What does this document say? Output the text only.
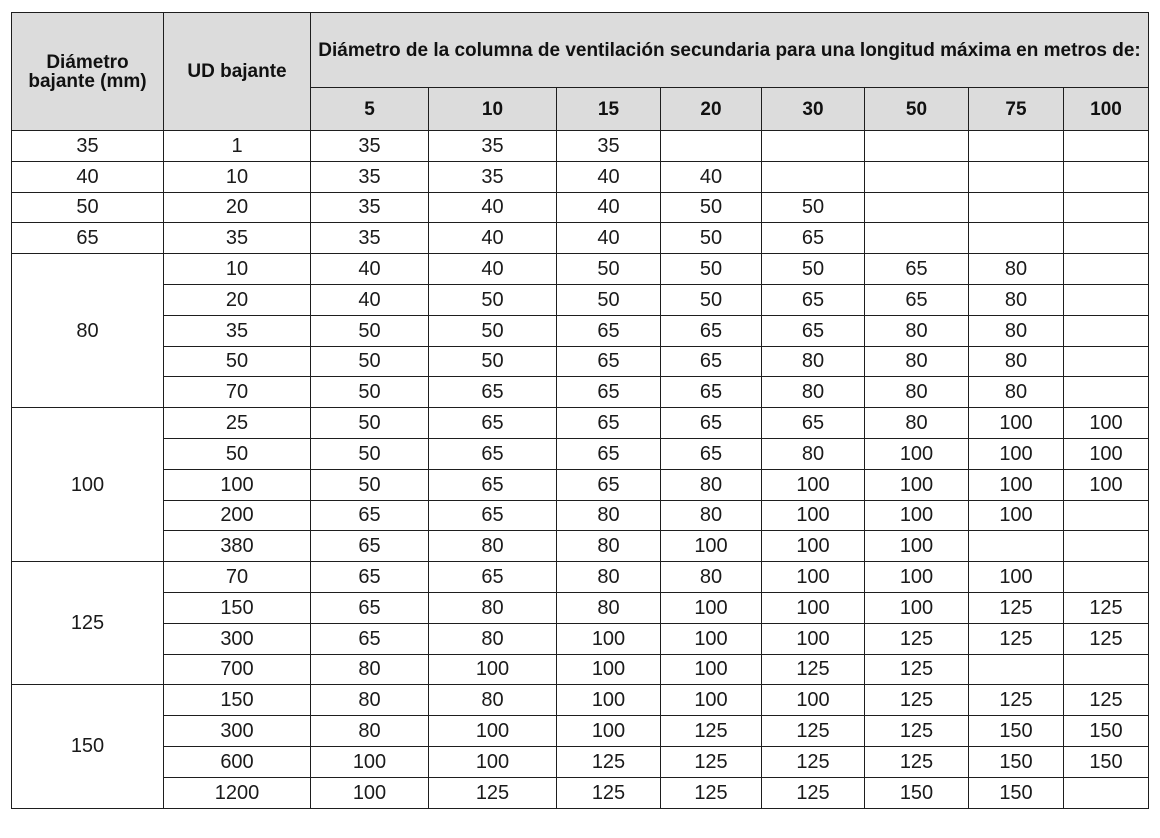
Diámetro bajante (mm)	UD bajante	Diámetro de la columna de ventilación secundaria para una longitud máxima en metros de:							
		5	10	15	20	30	50	75	100
35	1	35	35	35					
40	10	35	35	40	40				
50	20	35	40	40	50	50			
65	35	35	40	40	50	65			
80	10	40	40	50	50	50	65	80	
	20	40	50	50	50	65	65	80	
	35	50	50	65	65	65	80	80	
	50	50	50	65	65	80	80	80	
	70	50	65	65	65	80	80	80	
100	25	50	65	65	65	65	80	100	100
	50	50	65	65	65	80	100	100	100
	100	50	65	65	80	100	100	100	100
	200	65	65	80	80	100	100	100	
	380	65	80	80	100	100	100		
125	70	65	65	80	80	100	100	100	
	150	65	80	80	100	100	100	125	125
	300	65	80	100	100	100	125	125	125
	700	80	100	100	100	125	125		
150	150	80	80	100	100	100	125	125	125
	300	80	100	100	125	125	125	150	150
	600	100	100	125	125	125	125	150	150
	1200	100	125	125	125	125	150	150	
